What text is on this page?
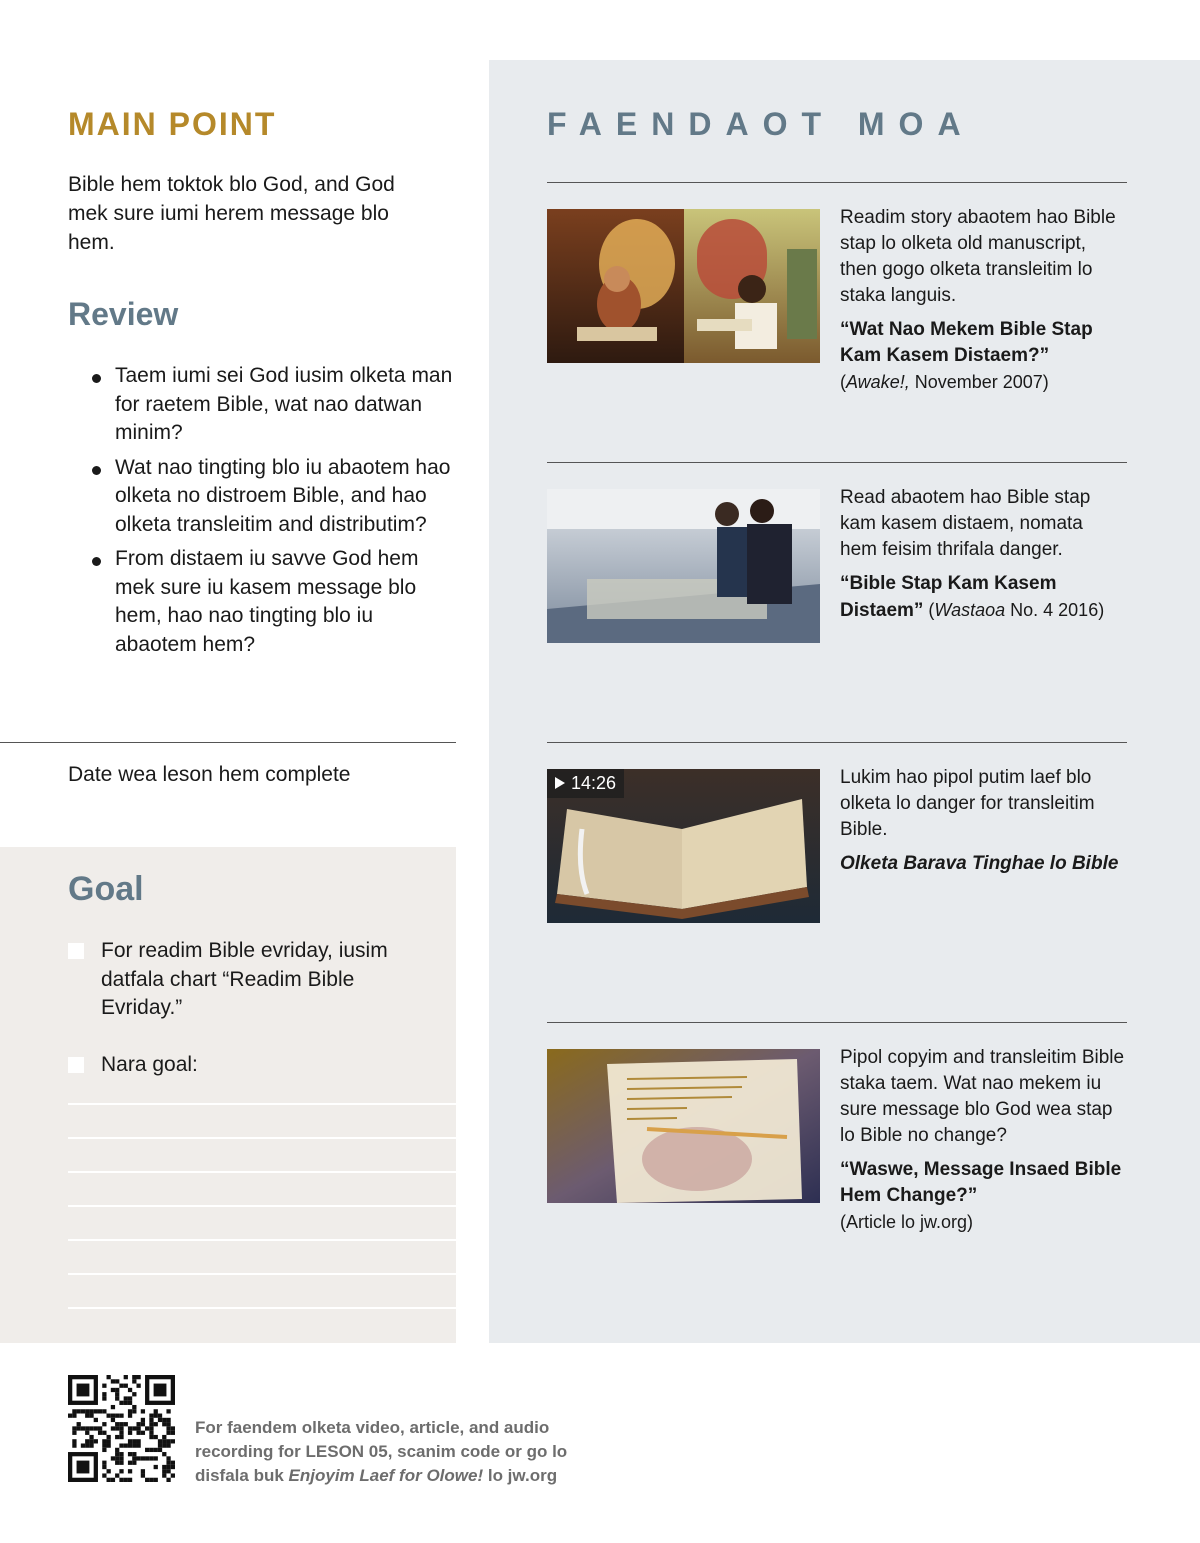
MAIN POINT

Bible hem toktok blo God, and God mek sure iumi herem message blo hem.

Review
Taem iumi sei God iusim olketa man for raetem Bible, wat nao datwan minim?
Wat nao tingting blo iu abaotem hao olketa no distroem Bible, and hao olketa transleitim and distributim?
From distaem iu savve God hem mek sure iu kasem message blo hem, hao nao tingting blo iu abaotem hem?

Date wea leson hem complete

Goal
For readim Bible evriday, iusim datfala chart “Readim Bible Evriday.”
Nara goal:
FAENDAOT MOA

Readim story abaotem hao Bible stap lo olketa old manuscript, then gogo olketa transleitim lo staka languis.

“Wat Nao Mekem Bible Stap Kam Kasem Distaem?”
(Awake!, November 2007)

Read abaotem hao Bible stap kam kasem distaem, nomata hem feisim thrifala danger.

“Bible Stap Kam Kasem Distaem” (Wastaoa No. 4 2016)

14:26	Lukim hao pipol putim laef blo olketa lo danger for transleitim Bible.

Olketa Barava Tinghae lo Bible

Pipol copyim and transleitim Bible staka taem. Wat nao mekem iu sure message blo God wea stap lo Bible no change?

“Waswe, Message Insaed Bible Hem Change?”
(Article lo jw.org)

For faendem olketa video, article, and audio recording for LESON 05, scanim code or go lo disfala buk Enjoyim Laef for Olowe! lo jw.org
